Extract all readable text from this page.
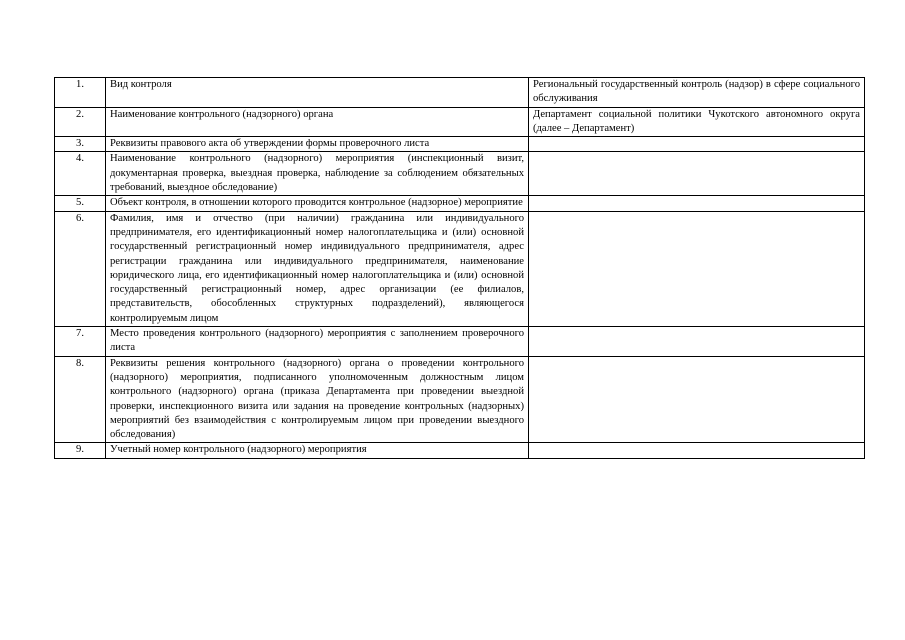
1.	Вид контроля	Региональный государственный контроль (надзор) в сфере социального обслуживания
2.	Наименование контрольного (надзорного) органа	Департамент социальной политики Чукотского автономного округа (далее – Департамент)
3.	Реквизиты правового акта об утверждении формы проверочного листа	
4.	Наименование контрольного (надзорного) мероприятия (инспекционный визит, документарная проверка, выездная проверка, наблюдение за соблюдением обязательных требований, выездное обследование)	
5.	Объект контроля, в отношении которого проводится контрольное (надзорное) мероприятие	
6.	Фамилия, имя и отчество (при наличии) гражданина или индивидуального предпринимателя, его идентификационный номер налогоплательщика и (или) основной государственный регистрационный номер индивидуального предпринимателя, адрес регистрации гражданина или индивидуального предпринимателя, наименование юридического лица, его идентификационный номер налогоплательщика и (или) основной государственный регистрационный номер, адрес организации (ее филиалов, представительств, обособленных структурных подразделений), являющегося контролируемым лицом	
7.	Место проведения контрольного (надзорного) мероприятия с заполнением проверочного листа	
8.	Реквизиты решения контрольного (надзорного) органа о проведении контрольного (надзорного) мероприятия, подписанного уполномоченным должностным лицом контрольного (надзорного) органа (приказа Департамента при проведении выездной проверки, инспекционного визита или задания на проведение контрольных (надзорных) мероприятий без взаимодействия с контролируемым лицом при проведении выездного обследования)	
9.	Учетный номер контрольного (надзорного) мероприятия	
